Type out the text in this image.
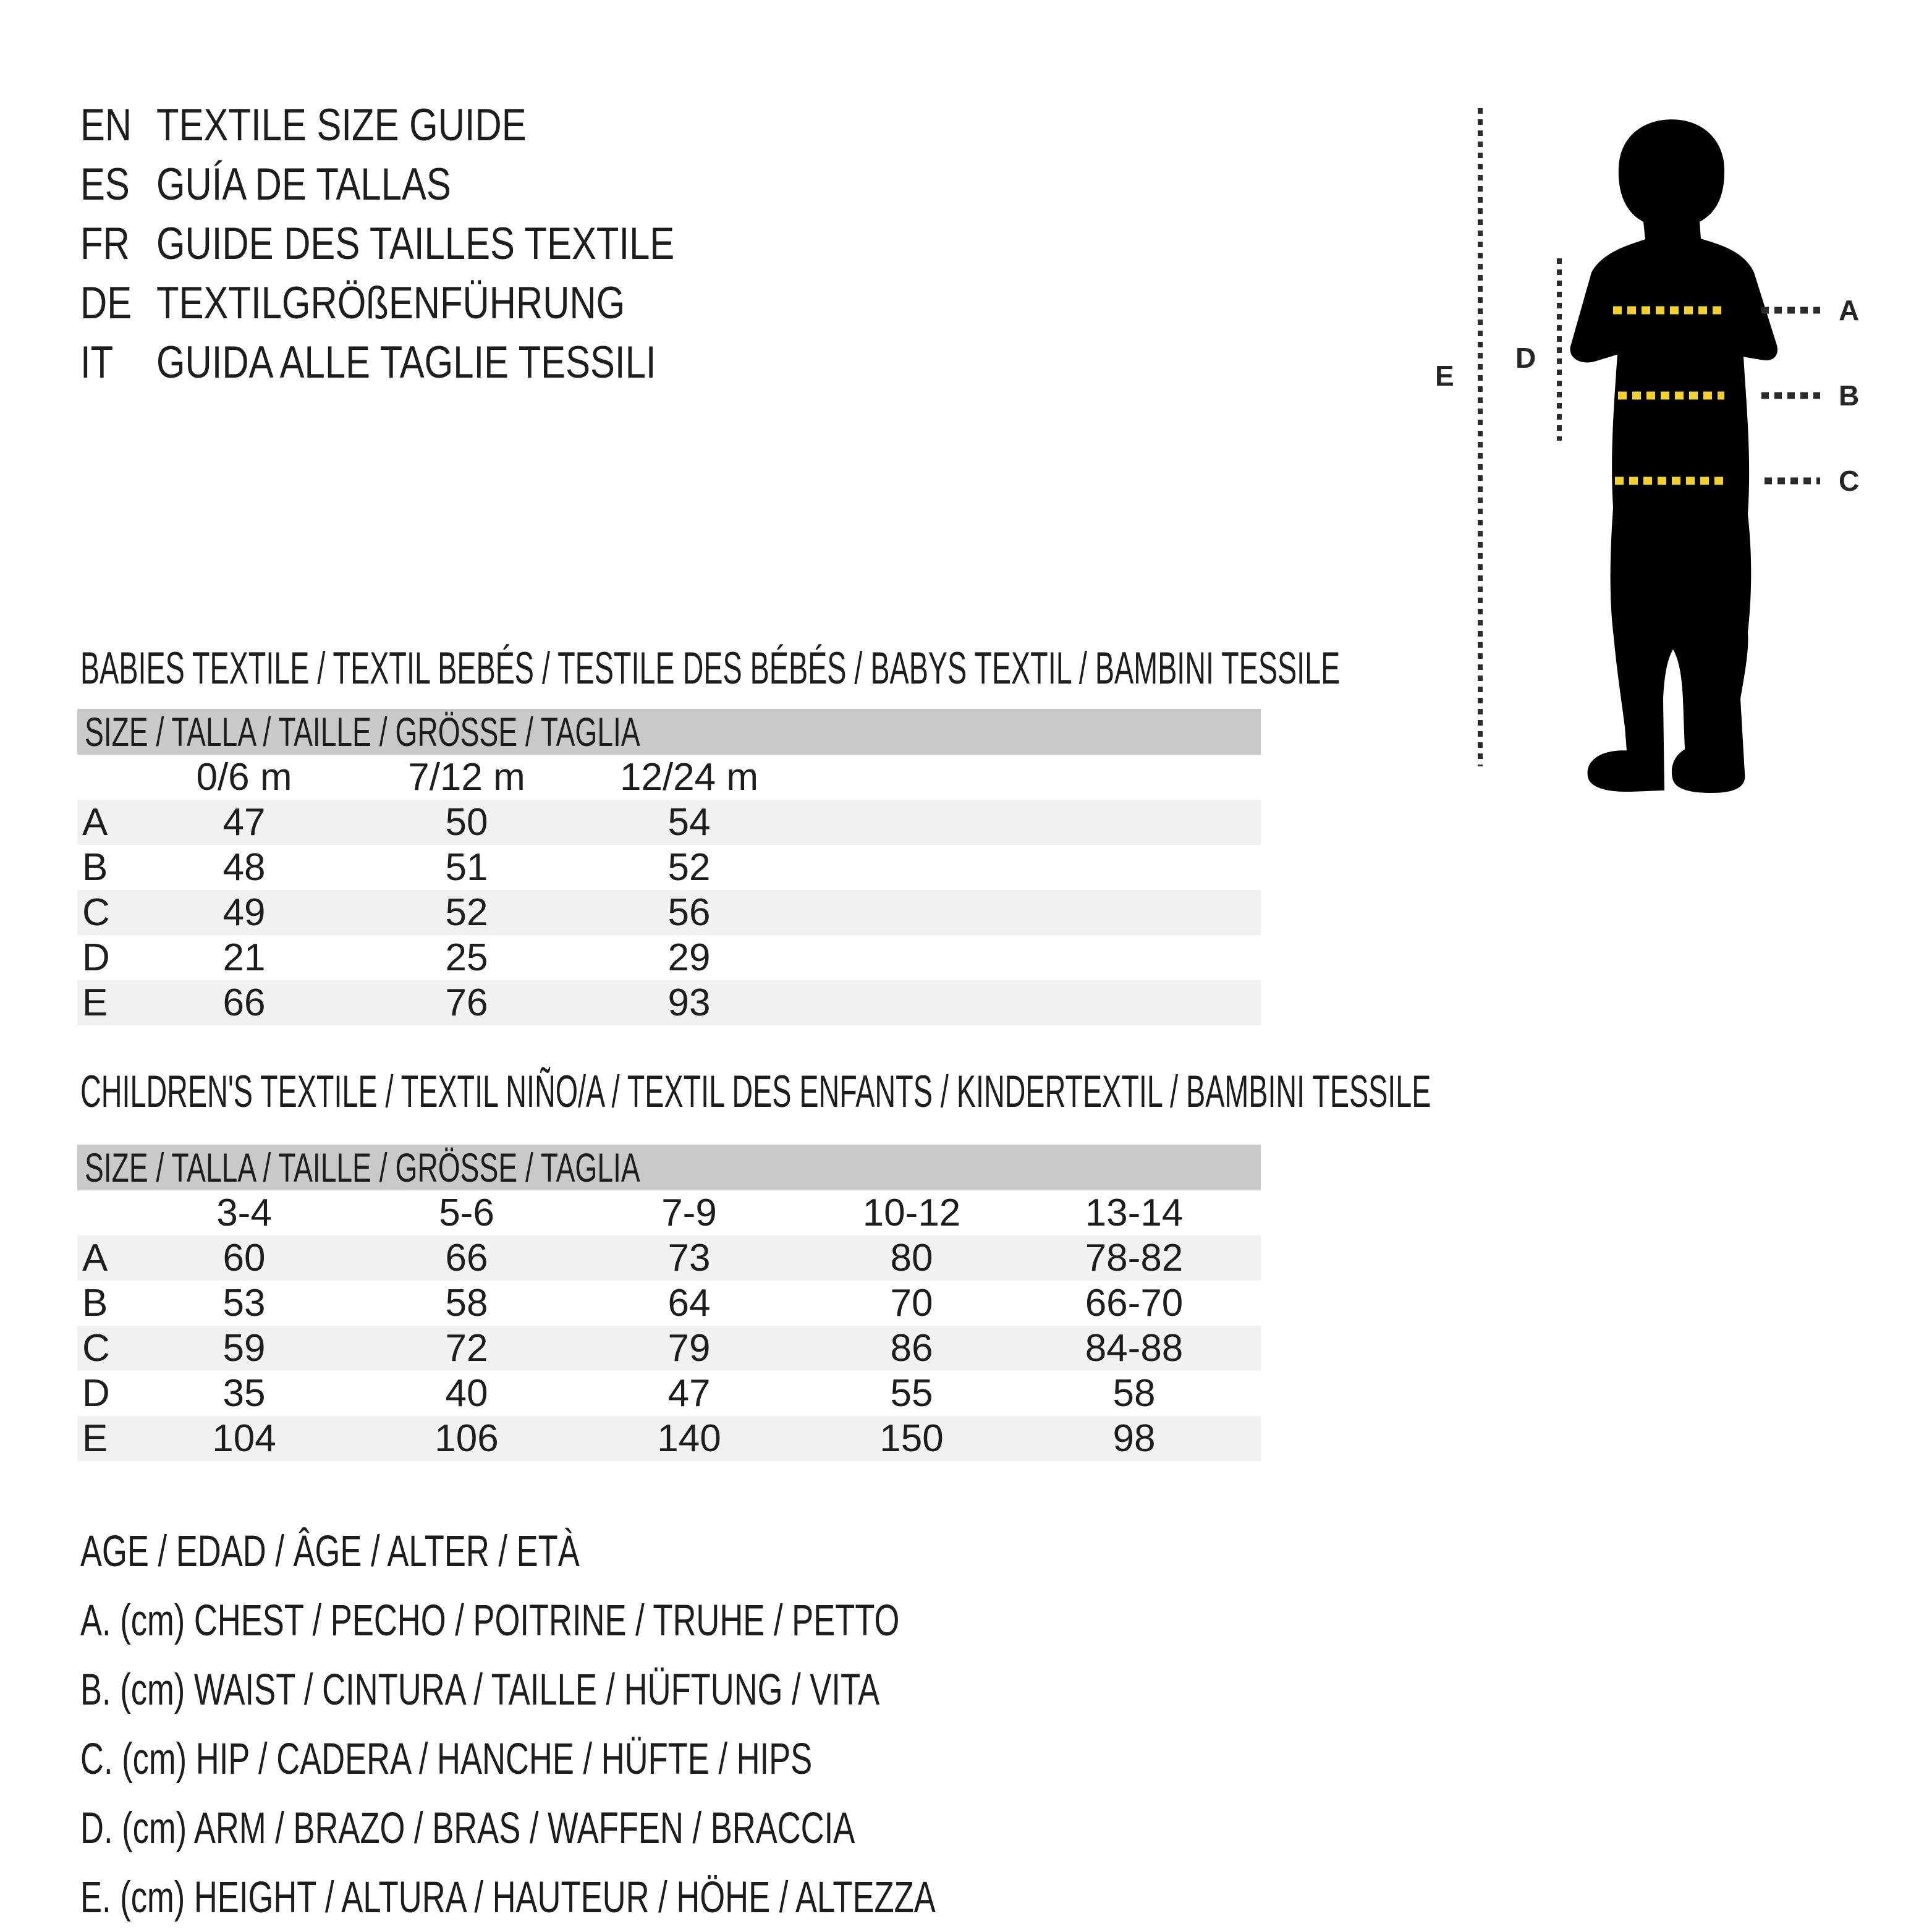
EN TEXTILE SIZE GUIDE
ES GUÍA DE TALLAS
FR GUIDE DES TAILLES TEXTILE
DE TEXTILGRÖßENFÜHRUNG
IT GUIDA ALLE TAGLIE TESSILI
A
B
C
D
E
BABIES TEXTILE / TEXTIL BEBÉS / TESTILE DES BÉBÉS / BABYS TEXTIL / BAMBINI TESSILE
SIZE / TALLA / TAILLE / GRÖSSE / TAGLIA
	0/6 m	7/12 m	12/24 m	
A	47	50	54	
B	48	51	52	
C	49	52	56	
D	21	25	29	
E	66	76	93	
CHILDREN'S TEXTILE / TEXTIL NIÑO/A / TEXTIL DES ENFANTS / KINDERTEXTIL / BAMBINI TESSILE
SIZE / TALLA / TAILLE / GRÖSSE / TAGLIA
	3-4	5-6	7-9	10-12	13-14	
A	60	66	73	80	78-82	
B	53	58	64	70	66-70	
C	59	72	79	86	84-88	
D	35	40	47	55	58	
E	104	106	140	150	98	
AGE / EDAD / ÂGE / ALTER / ETÀ
A. (cm) CHEST / PECHO / POITRINE / TRUHE / PETTO
B. (cm) WAIST / CINTURA / TAILLE / HÜFTUNG / VITA
C. (cm) HIP / CADERA / HANCHE / HÜFTE / HIPS
D. (cm) ARM / BRAZO / BRAS / WAFFEN / BRACCIA
E. (cm) HEIGHT / ALTURA / HAUTEUR / HÖHE / ALTEZZA
